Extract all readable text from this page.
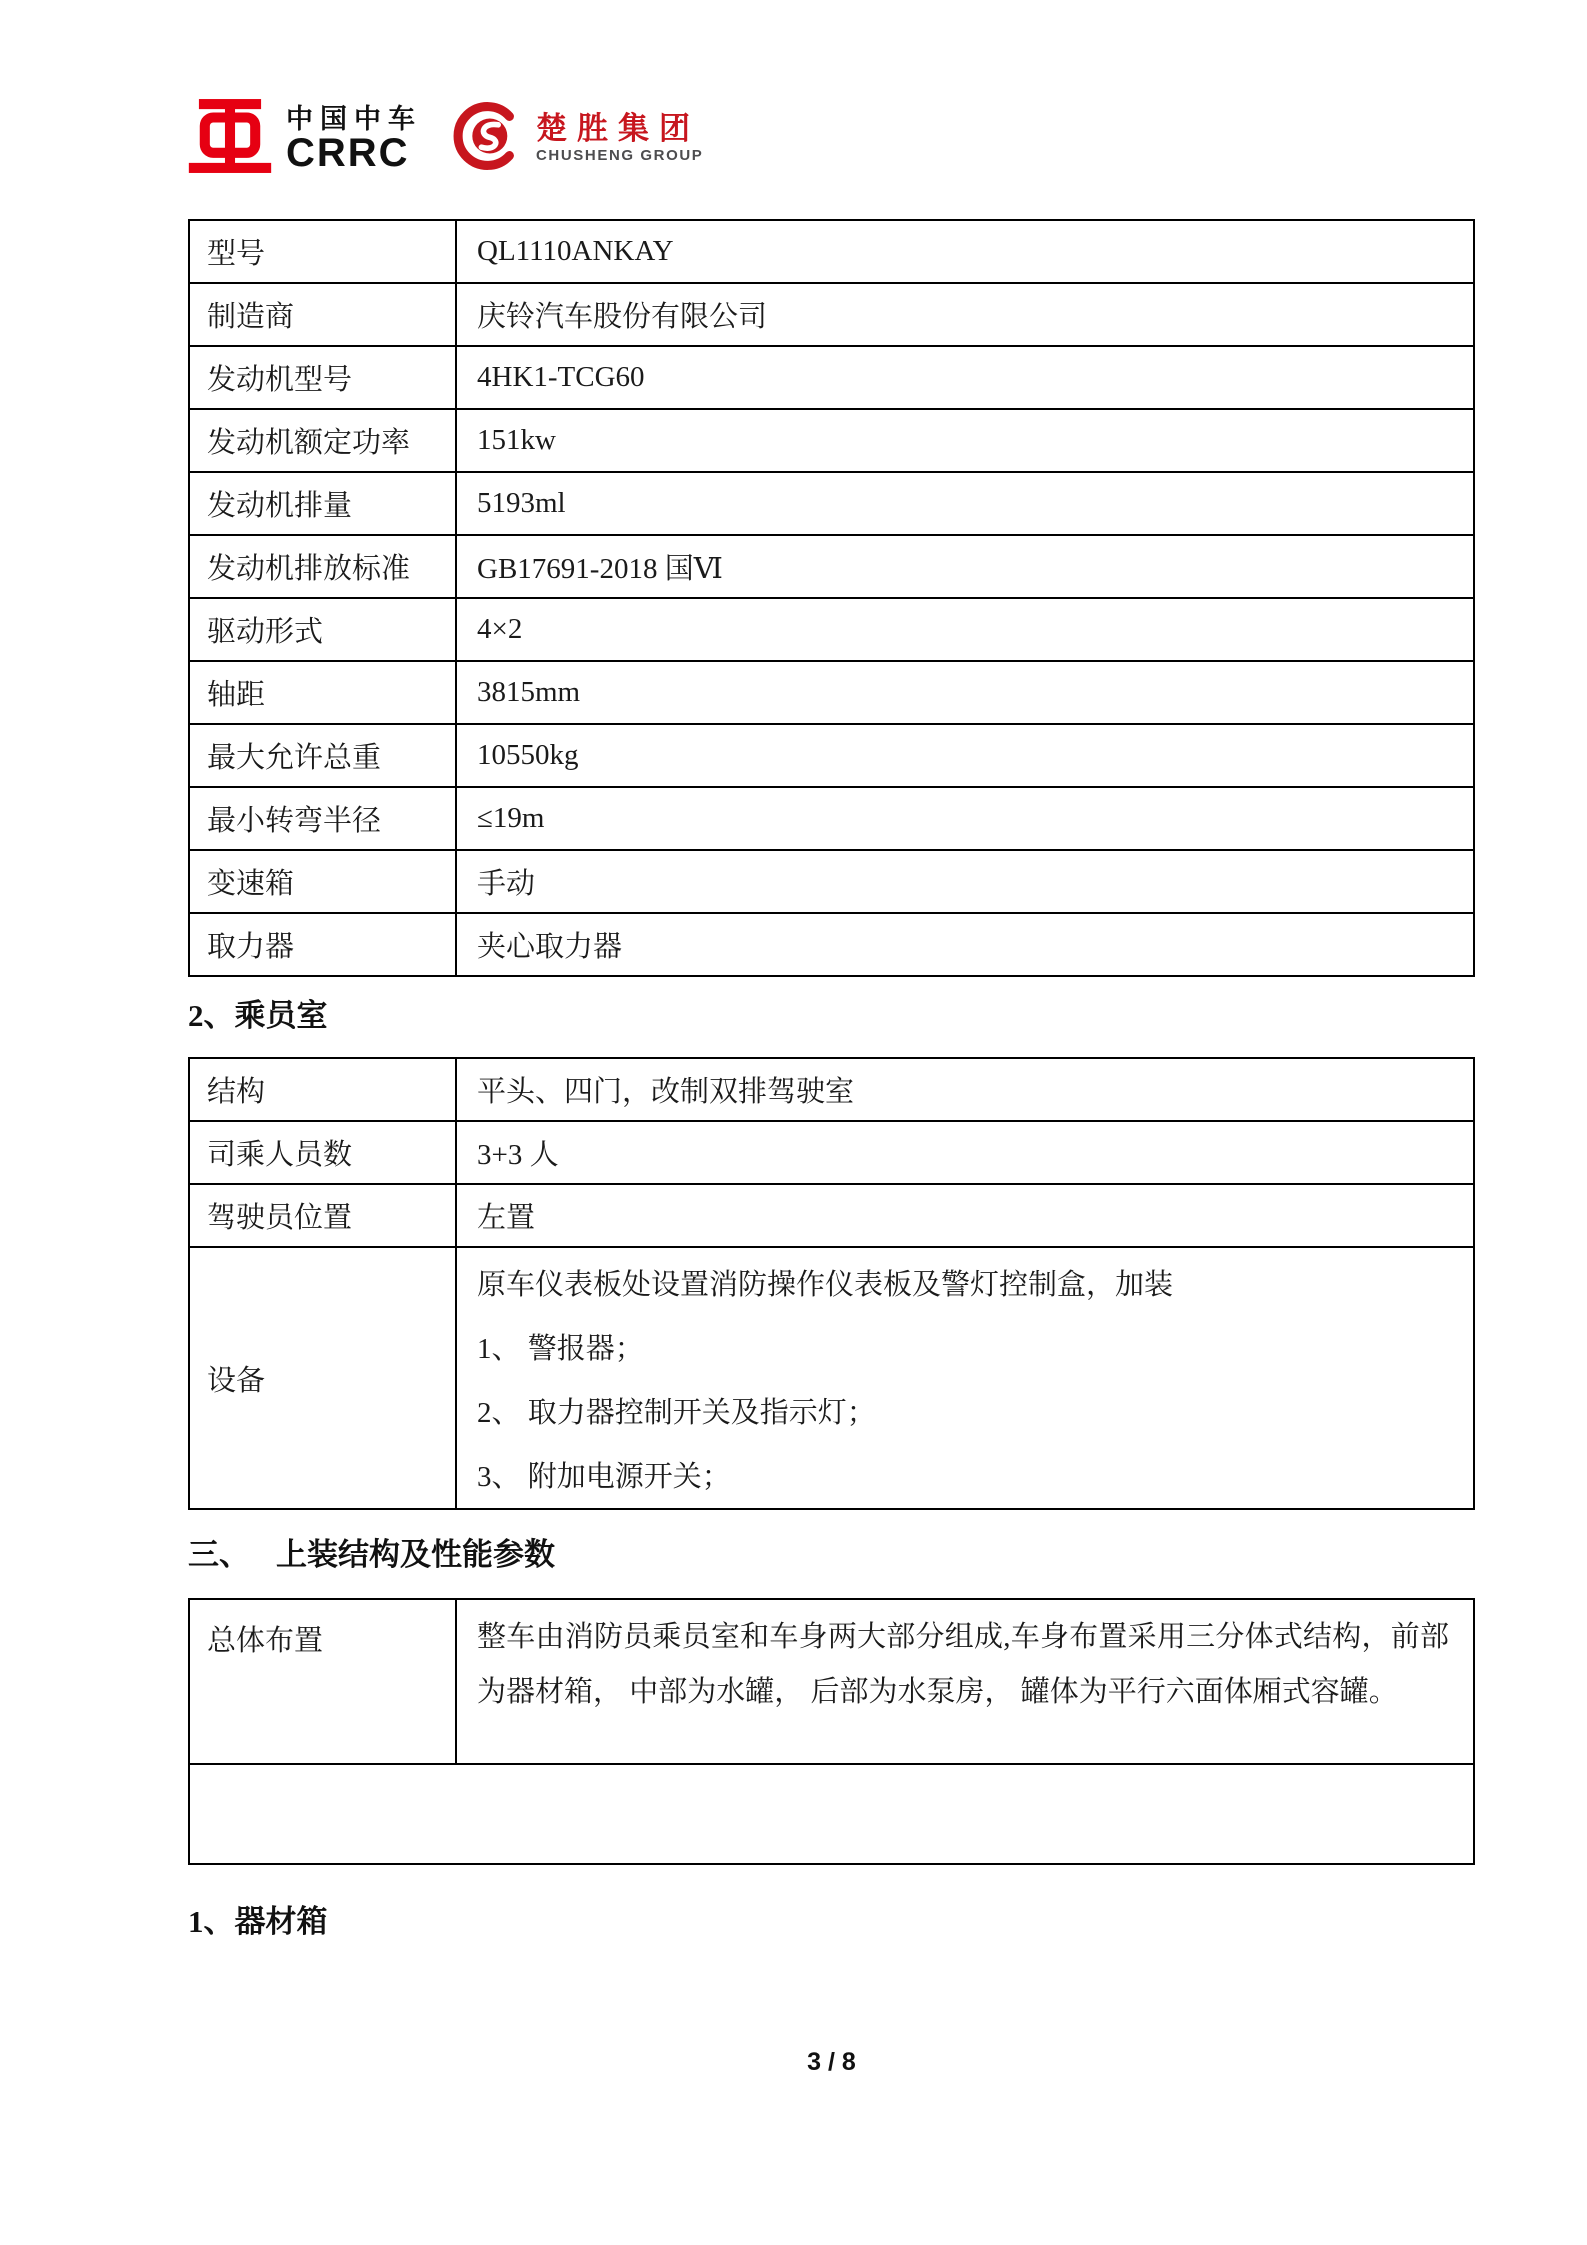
中国中车
CRRC
楚胜集团
CHUSHENG GROUP
型号	QL1110ANKAY
制造商	庆铃汽车股份有限公司
发动机型号	4HK1-TCG60
发动机额定功率	151kw
发动机排量	5193ml
发动机排放标准	GB17691-2018 国Ⅵ
驱动形式	4×2
轴距	3815mm
最大允许总重	10550kg
最小转弯半径	≤19m
变速箱	手动
取力器	夹心取力器
2、乘员室
结构	平头、四门，改制双排驾驶室
司乘人员数	3+3 人
驾驶员位置	左置
设备	原车仪表板处设置消防操作仪表板及警灯控制盒，加装
1、 警报器；
2、 取力器控制开关及指示灯；
3、 附加电源开关；
三、 上装结构及性能参数
总体布置	整车由消防员乘员室和车身两大部分组成,车身布置采用三分体式结构，前部为器材箱， 中部为水罐， 后部为水泵房， 罐体为平行六面体厢式容罐。

1、器材箱
3 / 8
